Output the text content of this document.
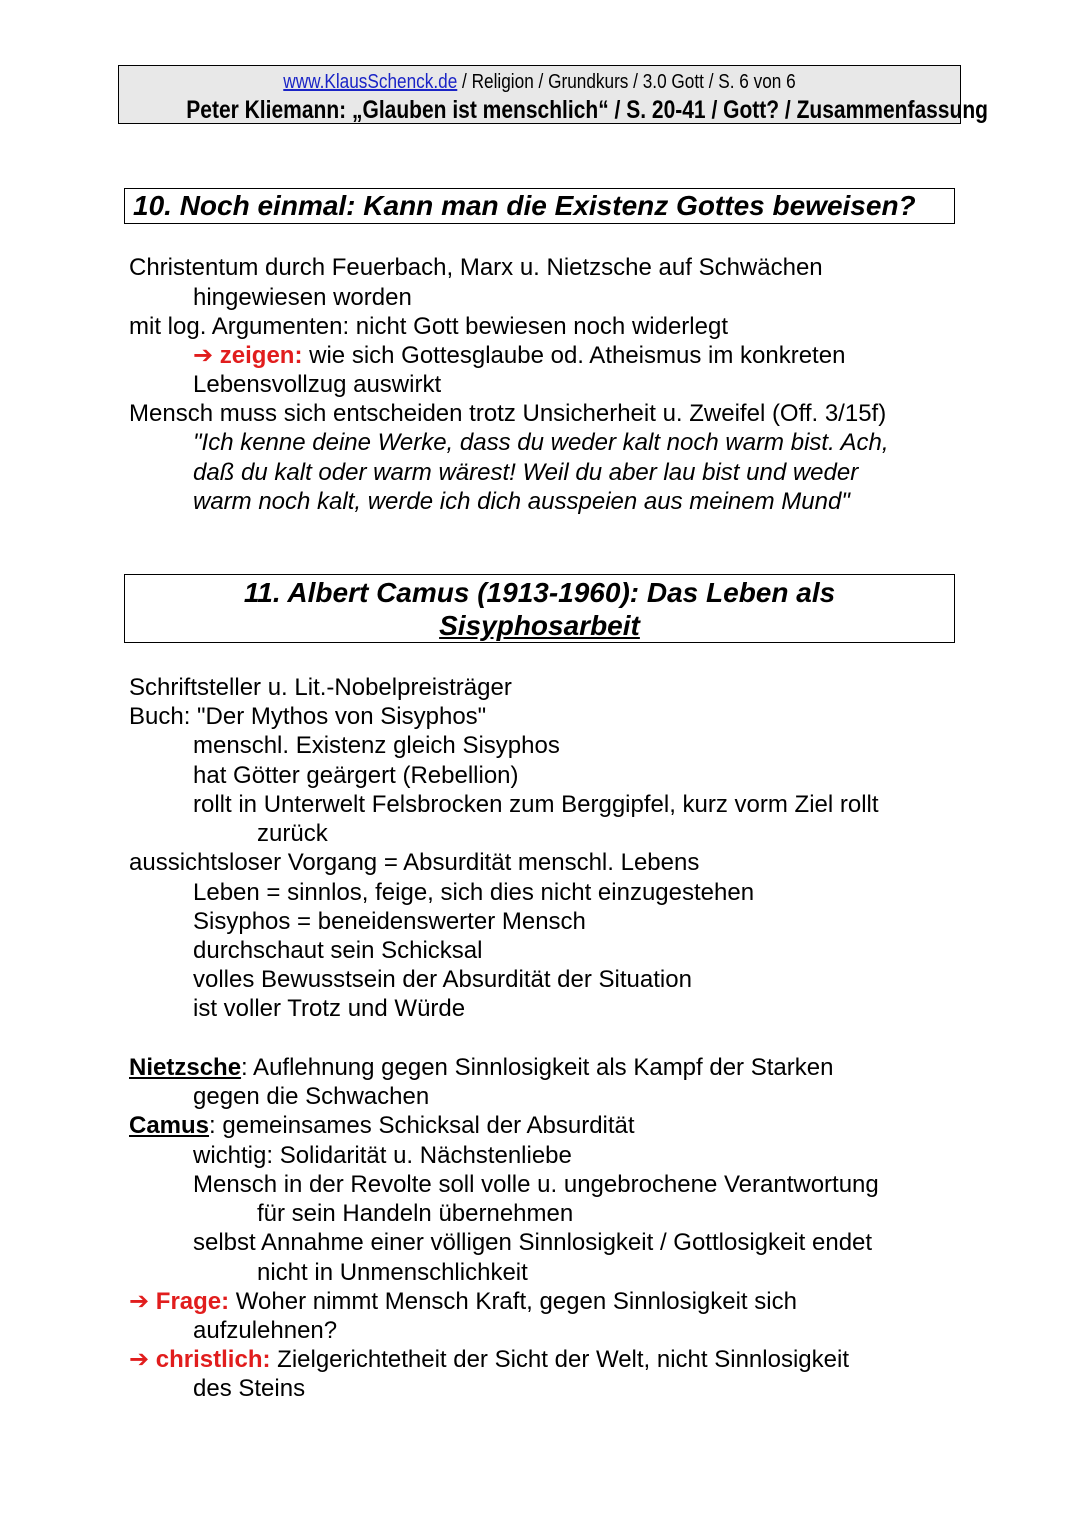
www.KlausSchenck.de / Religion / Grundkurs / 3.0 Gott / S. 6 von 6
Peter Kliemann: „Glauben ist menschlich“ / S. 20-41 / Gott? / Zusammenfassung
10. Noch einmal: Kann man die Existenz Gottes beweisen?
Christentum durch Feuerbach, Marx u. Nietzsche auf Schwächen
hingewiesen worden
mit log. Argumenten: nicht Gott bewiesen noch widerlegt
➔ zeigen: wie sich Gottesglaube od. Atheismus im konkreten
Lebensvollzug auswirkt
Mensch muss sich entscheiden trotz Unsicherheit u. Zweifel (Off. 3/15f)
"Ich kenne deine Werke, dass du weder kalt noch warm bist. Ach,
daß du kalt oder warm wärest! Weil du aber lau bist und weder
warm noch kalt, werde ich dich ausspeien aus meinem Mund"
11. Albert Camus (1913-1960): Das Leben als
Sisyphosarbeit
Schriftsteller u. Lit.-Nobelpreisträger
Buch: "Der Mythos von Sisyphos"
menschl. Existenz gleich Sisyphos
hat Götter geärgert (Rebellion)
rollt in Unterwelt Felsbrocken zum Berggipfel, kurz vorm Ziel rollt
zurück
aussichtsloser Vorgang = Absurdität menschl. Lebens
Leben = sinnlos, feige, sich dies nicht einzugestehen
Sisyphos = beneidenswerter Mensch
durchschaut sein Schicksal
volles Bewusstsein der Absurdität der Situation
ist voller Trotz und Würde
Nietzsche: Auflehnung gegen Sinnlosigkeit als Kampf der Starken
gegen die Schwachen
Camus: gemeinsames Schicksal der Absurdität
wichtig: Solidarität u. Nächstenliebe
Mensch in der Revolte soll volle u. ungebrochene Verantwortung
für sein Handeln übernehmen
selbst Annahme einer völligen Sinnlosigkeit / Gottlosigkeit endet
nicht in Unmenschlichkeit
➔ Frage: Woher nimmt Mensch Kraft, gegen Sinnlosigkeit sich
aufzulehnen?
➔ christlich: Zielgerichtetheit der Sicht der Welt, nicht Sinnlosigkeit
des Steins
